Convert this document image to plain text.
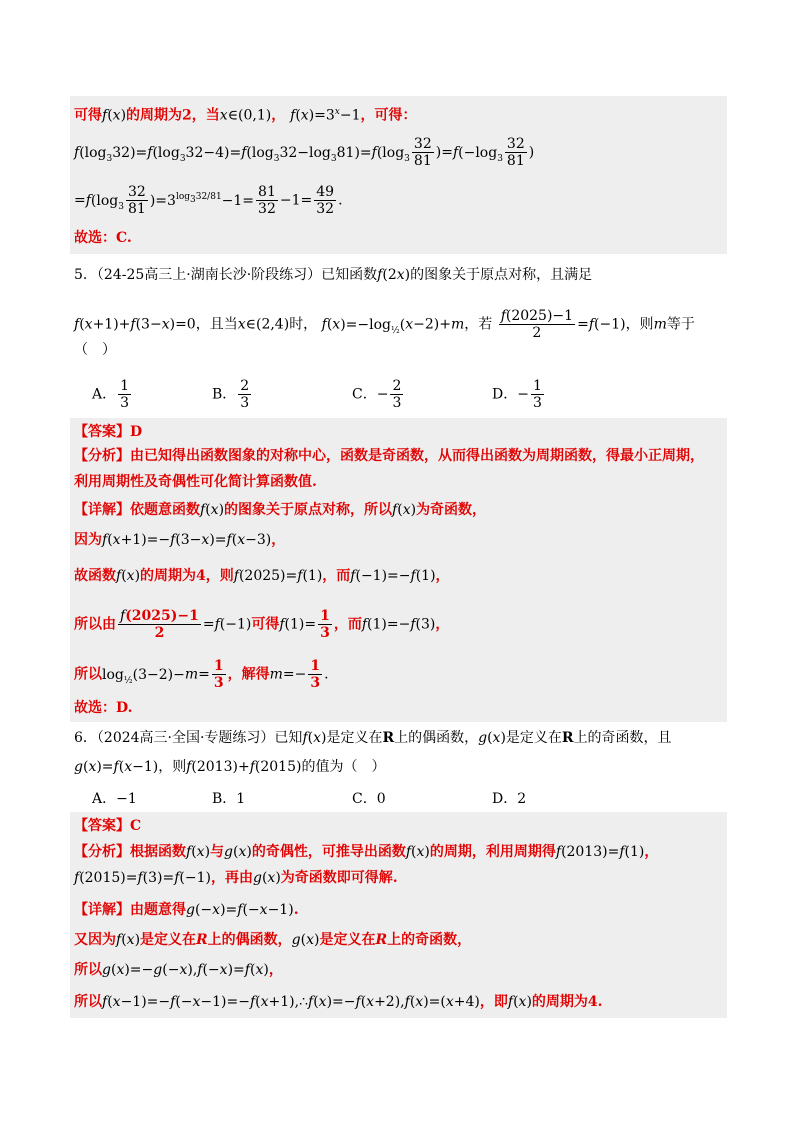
可得f(x)的周期为2，当x∈(0,1)， $f(x)=3^x-1$，可得：
$f(\log_332)=f(\log_332-4)=f(\log_332-\log_381)=f(\log_3 \frac{32}{81} )=f(-\log_3 \frac{32}{81}$ )
$=f(\log_3 \frac{32}{81} )=3^{log_332/81}-1= \frac{81}{32} -1= \frac{49}{32}$ .
故选：C.
5．（24-25高三上·湖南长沙·阶段练习）已知函数f(2x)的图象关于原点对称，且满足
f(x+1)+f(3−x)=0，且当x∈(2,4)时， $f(x)=-\log_{\frac{1}{2}}(x-2)+m$，若 $\frac{f(2025)-1}{2} =f(-1)$，则m等于
（　）
A． $\frac{1}{3}$	B． $\frac{2}{3}$	C．− $\frac{2}{3}$	D．− $\frac{1}{3}$
【答案】D
【分析】由已知得出函数图象的对称中心，函数是奇函数，从而得出函数为周期函数，得最小正周期，
利用周期性及奇偶性可化简计算函数值.
【详解】依题意函数f(x)的图象关于原点对称，所以f(x)为奇函数，
因为f(x+1)=−f(3−x)=f(x−3)，
故函数f(x)的周期为4，则f(2025)=f(1)，而f(−1)=−f(1)，
所以由 $\frac{f(2025)-1}{2} =f(-1)$可得$f(1)= \frac{1}{3}$ ，而f(1)=−f(3)，
所以$\log_{\frac{1}{2}}(3-2)-m= \frac{1}{3}$ ，解得$m=- \frac{1}{3}$ .
故选：D.
6．（2024高三·全国·专题练习）已知f(x)是定义在R上的偶函数，g(x)是定义在R上的奇函数，且
g(x)=f(x−1)，则f(2013)+f(2015)的值为（　）
A．−1	B．1	C．0	D．2
【答案】C
【分析】根据函数f(x)与g(x)的奇偶性，可推导出函数f(x)的周期，利用周期得f(2013)=f(1)，
f(2015)=f(3)=f(−1)，再由g(x)为奇函数即可得解.
【详解】由题意得g(−x)=f(−x−1).
又因为f(x)是定义在R上的偶函数，g(x)是定义在R上的奇函数，
所以g(x)=−g(−x),f(−x)=f(x)，
所以f(x−1)=−f(−x−1)=−f(x+1),∴f(x)=−f(x+2),f(x)=(x+4)，即f(x)的周期为4.
